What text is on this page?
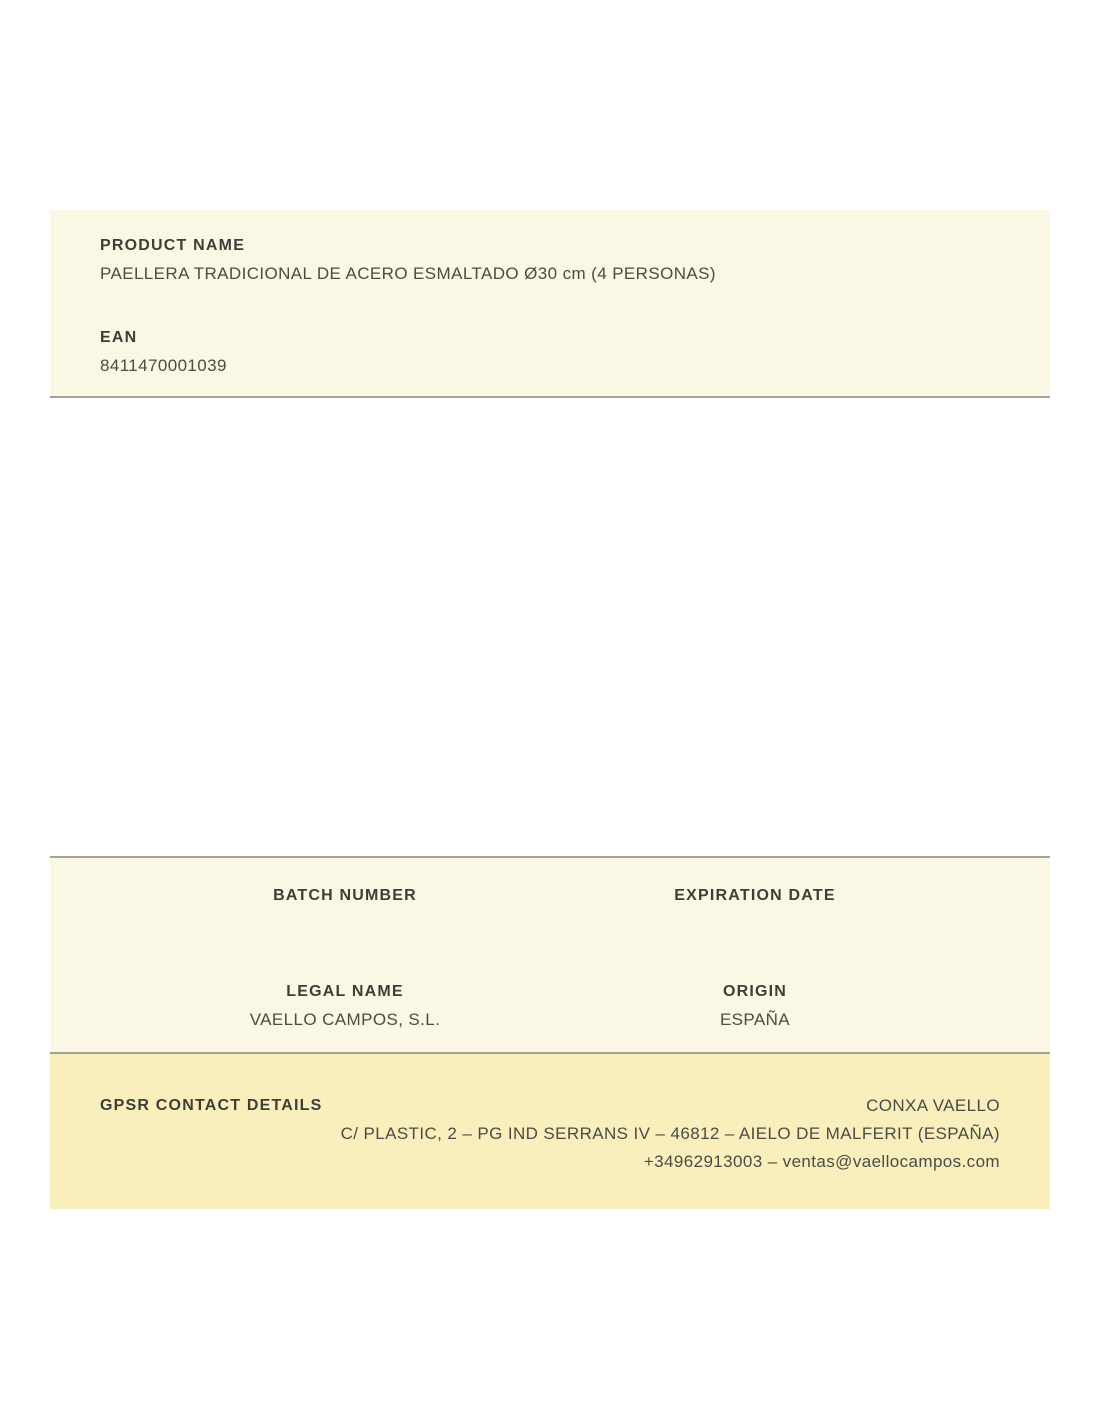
PRODUCT NAME
PAELLERA TRADICIONAL DE ACERO ESMALTADO Ø30 cm (4 PERSONAS)
EAN
8411470001039
BATCH NUMBER	EXPIRATION DATE
LEGAL NAME
VAELLO CAMPOS, S.L.
ORIGIN
ESPAÑA
GPSR CONTACT DETAILS	CONXA VAELLO
C/ PLASTIC, 2 – PG IND SERRANS IV – 46812 – AIELO DE MALFERIT (ESPAÑA)
+34962913003 – ventas@vaellocampos.com
